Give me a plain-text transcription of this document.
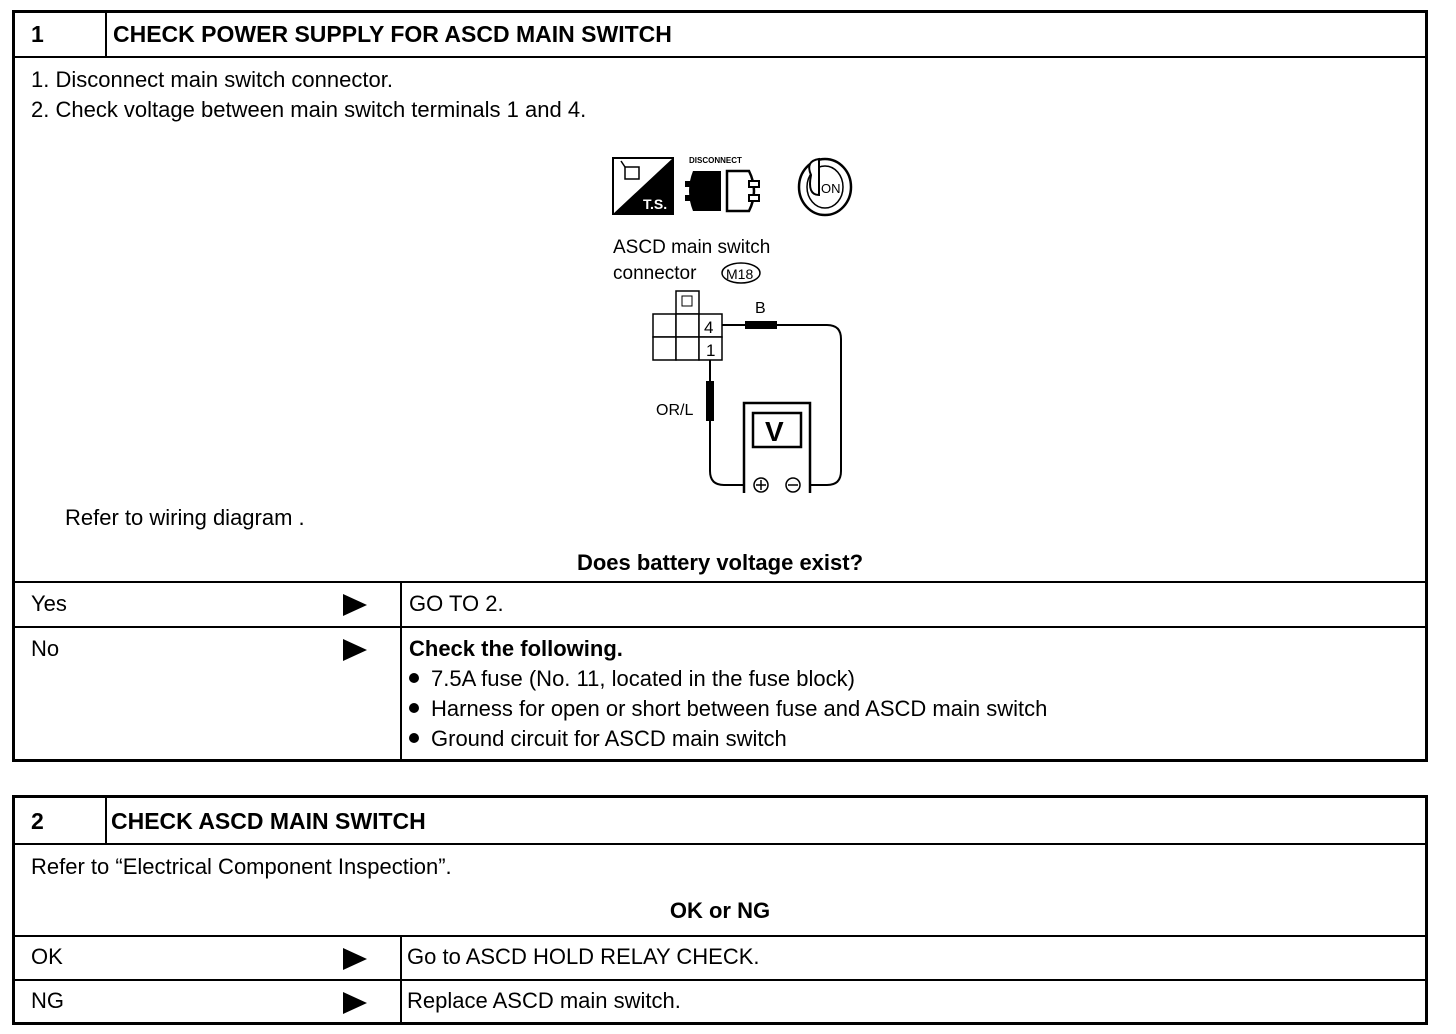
1	CHECK POWER SUPPLY FOR ASCD MAIN SWITCH
1. Disconnect main switch connector.
2. Check voltage between main switch terminals 1 and 4.
T.S.
DISCONNECT
ON
ASCD main switch
connector M18
4
1
B
OR/L
V
Refer to wiring diagram .
Does battery voltage exist?
Yes	GO TO 2.
No	Check the following.
7.5A fuse (No. 11, located in the fuse block)
Harness for open or short between fuse and ASCD main switch
Ground circuit for ASCD main switch
2	CHECK ASCD MAIN SWITCH
Refer to “Electrical Component Inspection”.
OK or NG
OK	Go to ASCD HOLD RELAY CHECK.
NG	Replace ASCD main switch.
